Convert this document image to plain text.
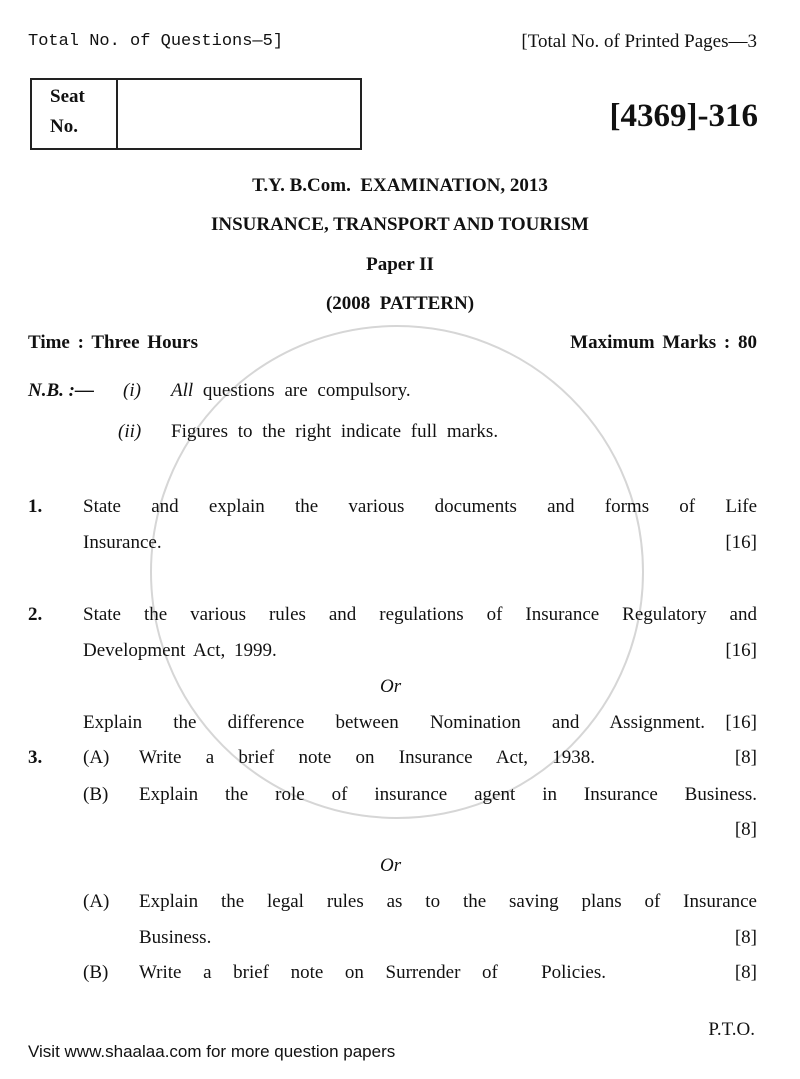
Total No. of Questions—5]	[Total No. of Printed Pages—3
Seat
No.	[4369]-316
T.Y. B.Com.  EXAMINATION, 2013
INSURANCE, TRANSPORT AND TOURISM
Paper II
(2008  PATTERN)
Time : Three Hours	Maximum Marks : 80
N.B. :— (i) All questions are compulsory.
(ii) Figures to the right indicate full marks.
1. State and explain the various documents and forms of Life
Insurance.	[16]
2. State the various rules and regulations of Insurance Regulatory and
Development Act, 1999.	[16]
Or
Explain the difference between Nomination and Assignment. [16]
3. (A) Write a brief note on Insurance Act, 1938.	[8]
(B) Explain the role of insurance agent in Insurance Business.
[8]
Or
(A) Explain the legal rules as to the saving plans of Insurance
Business.	[8]
(B) Write a brief note on Surrender of  Policies.	[8]
P.T.O.
Visit www.shaalaa.com for more question papers
